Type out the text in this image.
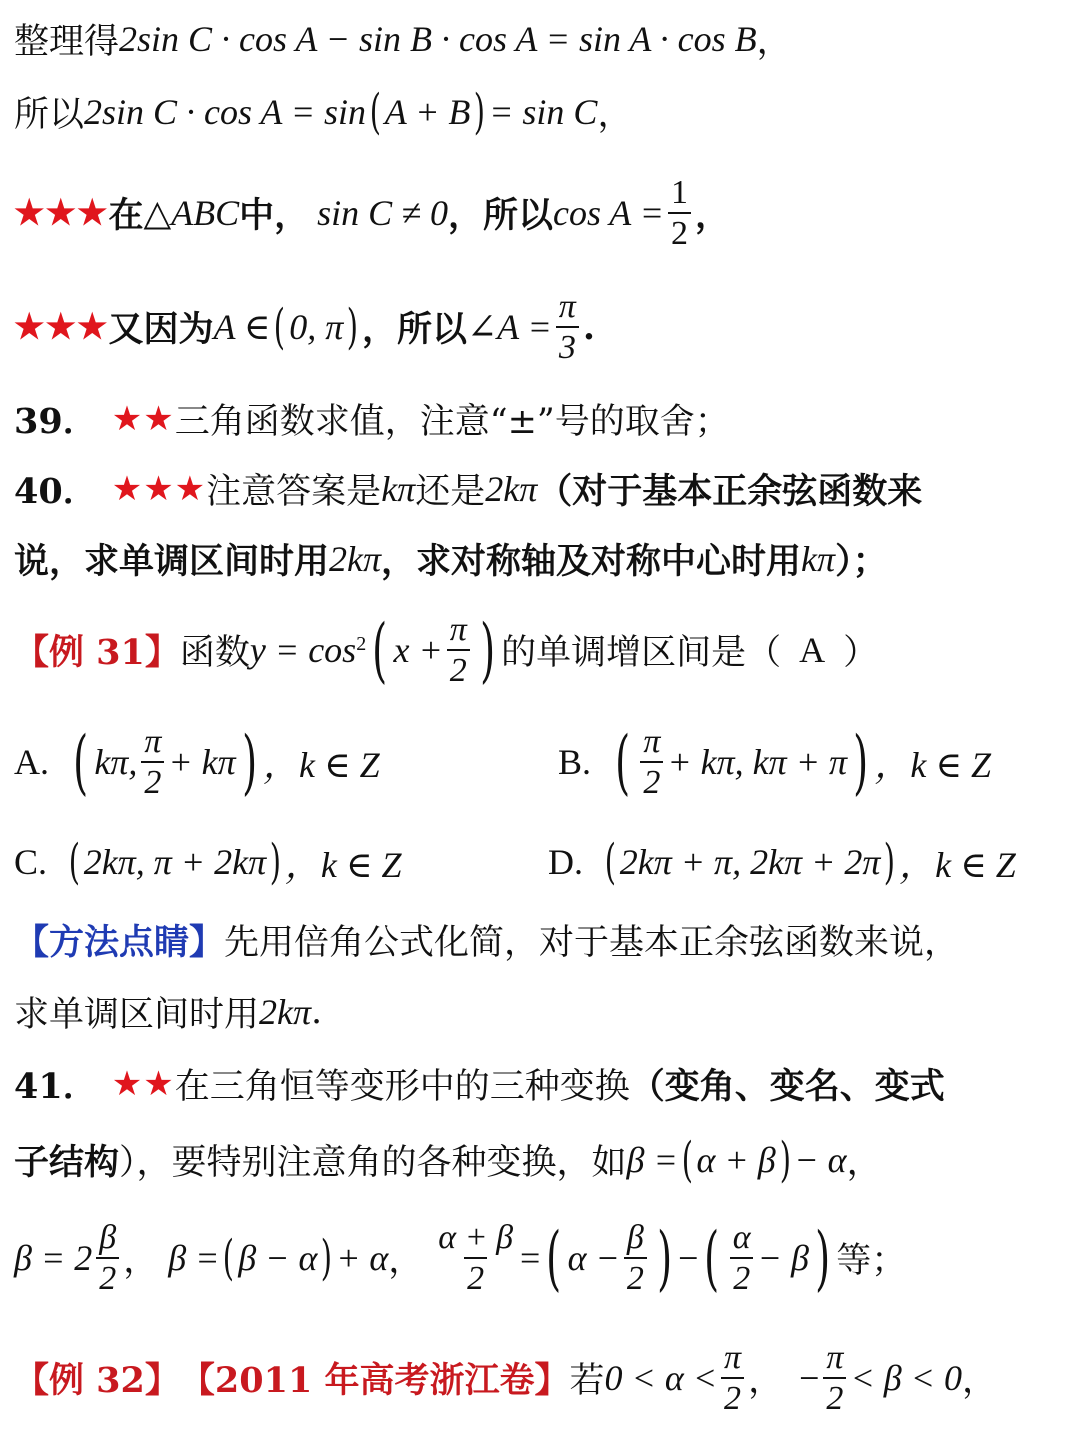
整理得 2sin C · cos A − sin B · cos A = sin A · cos B ，
所以 2sin C · cos A = sin ( A + B ) = sin C ，
★★★ 在 △ABC 中， sin C ≠ 0 ，所以 $\cos A = \frac{1}{2}$ ，
★★★ 又因为 A ∈ ( 0, π ) ，所以 ∠A = $\frac{\pi}{3}$ .
39． ★★ 三角函数求值，注意“±”号的取舍；
40． ★★★ 注意答案是 kπ 还是 2kπ （对于基本正余弦函数来
说，求单调区间时用 2kπ ，求对称轴及对称中心时用 kπ ）；
【例 31】 函数 y = cos 2 ( $x + \frac{\pi}{2}$ ) 的单调增区间是（ A ）
A. ( kπ, $\frac{\pi}{2} + k\pi$ ) ，k ∈ Z	B. ( $\frac{\pi}{2} + k\pi$, kπ + π ) ，k ∈ Z
C. ( 2kπ, π + 2kπ ) ，k ∈ Z	D. ( 2kπ + π, 2kπ + 2π ) ，k ∈ Z
【方法点睛】 先用倍角公式化简，对于基本正余弦函数来说，
求单调区间时用 2kπ .
41． ★★ 在三角恒等变形中的三种变换 （变角、变名、变式
子结构 ），要特别注意角的各种变换，如 β = ( α + β ) − α ，
$\beta = 2 \frac{\beta}{2}$ ， β = ( β − α ) + α ， $\frac{\alpha + \beta}{2}$ = ( $\alpha - \frac{\beta}{2}$ ) − ( $\frac{\alpha}{2} - \beta$ ) 等；
【例 32】 【2011 年高考浙江卷】 若 $0 < \alpha < \frac{\pi}{2}$ ， − $\frac{\pi}{2} < \beta < 0$ ，
